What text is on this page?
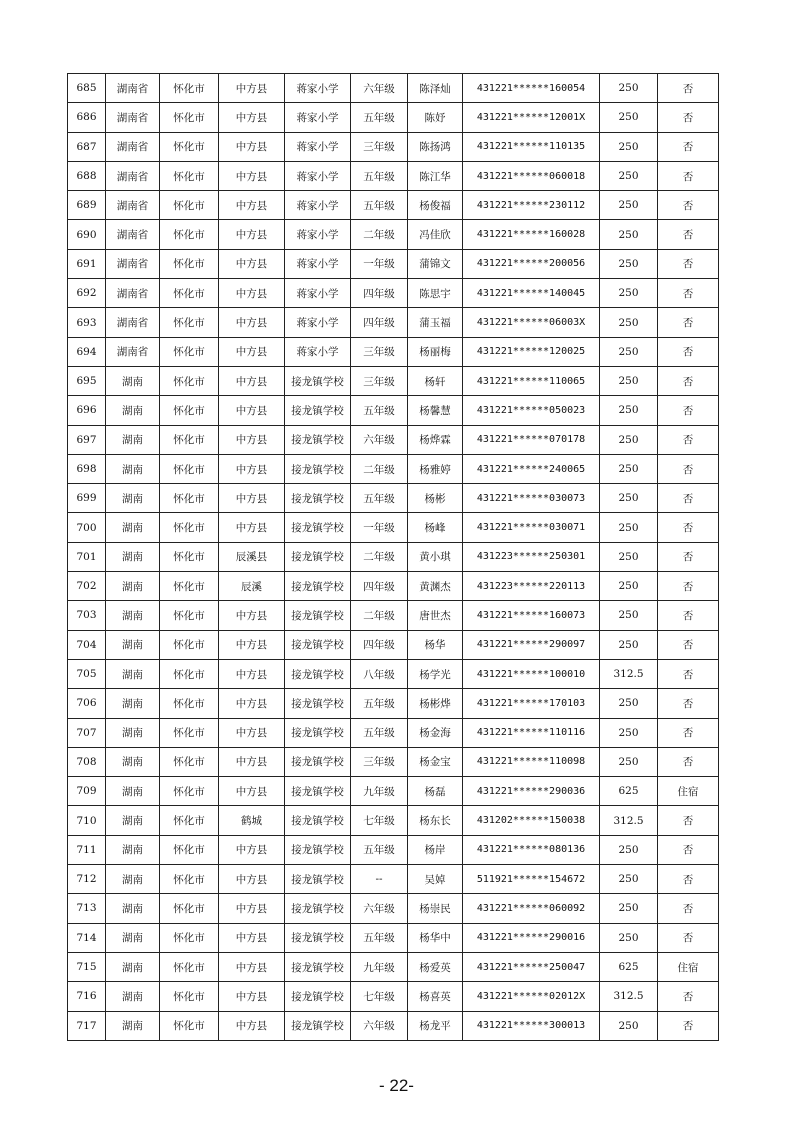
685	湖南省	怀化市	中方县	蒋家小学	六年级	陈泽灿	431221******160054	250	否
686	湖南省	怀化市	中方县	蒋家小学	五年级	陈妤	431221******12001X	250	否
687	湖南省	怀化市	中方县	蒋家小学	三年级	陈扬鸿	431221******110135	250	否
688	湖南省	怀化市	中方县	蒋家小学	五年级	陈江华	431221******060018	250	否
689	湖南省	怀化市	中方县	蒋家小学	五年级	杨俊福	431221******230112	250	否
690	湖南省	怀化市	中方县	蒋家小学	二年级	冯佳欣	431221******160028	250	否
691	湖南省	怀化市	中方县	蒋家小学	一年级	蒲锦文	431221******200056	250	否
692	湖南省	怀化市	中方县	蒋家小学	四年级	陈思宇	431221******140045	250	否
693	湖南省	怀化市	中方县	蒋家小学	四年级	蒲玉福	431221******06003X	250	否
694	湖南省	怀化市	中方县	蒋家小学	三年级	杨丽梅	431221******120025	250	否
695	湖南	怀化市	中方县	接龙镇学校	三年级	杨轩	431221******110065	250	否
696	湖南	怀化市	中方县	接龙镇学校	五年级	杨馨慧	431221******050023	250	否
697	湖南	怀化市	中方县	接龙镇学校	六年级	杨烨霖	431221******070178	250	否
698	湖南	怀化市	中方县	接龙镇学校	二年级	杨雅婷	431221******240065	250	否
699	湖南	怀化市	中方县	接龙镇学校	五年级	杨彬	431221******030073	250	否
700	湖南	怀化市	中方县	接龙镇学校	一年级	杨峰	431221******030071	250	否
701	湖南	怀化市	辰溪县	接龙镇学校	二年级	黄小琪	431223******250301	250	否
702	湖南	怀化市	辰溪	接龙镇学校	四年级	黄渊杰	431223******220113	250	否
703	湖南	怀化市	中方县	接龙镇学校	二年级	唐世杰	431221******160073	250	否
704	湖南	怀化市	中方县	接龙镇学校	四年级	杨华	431221******290097	250	否
705	湖南	怀化市	中方县	接龙镇学校	八年级	杨学光	431221******100010	312.5	否
706	湖南	怀化市	中方县	接龙镇学校	五年级	杨彬烨	431221******170103	250	否
707	湖南	怀化市	中方县	接龙镇学校	五年级	杨金海	431221******110116	250	否
708	湖南	怀化市	中方县	接龙镇学校	三年级	杨金宝	431221******110098	250	否
709	湖南	怀化市	中方县	接龙镇学校	九年级	杨磊	431221******290036	625	住宿
710	湖南	怀化市	鹤城	接龙镇学校	七年级	杨东长	431202******150038	312.5	否
711	湖南	怀化市	中方县	接龙镇学校	五年级	杨岸	431221******080136	250	否
712	湖南	怀化市	中方县	接龙镇学校	--	吴婥	511921******154672	250	否
713	湖南	怀化市	中方县	接龙镇学校	六年级	杨崇民	431221******060092	250	否
714	湖南	怀化市	中方县	接龙镇学校	五年级	杨华中	431221******290016	250	否
715	湖南	怀化市	中方县	接龙镇学校	九年级	杨爱英	431221******250047	625	住宿
716	湖南	怀化市	中方县	接龙镇学校	七年级	杨喜英	431221******02012X	312.5	否
717	湖南	怀化市	中方县	接龙镇学校	六年级	杨龙平	431221******300013	250	否
- 22-
